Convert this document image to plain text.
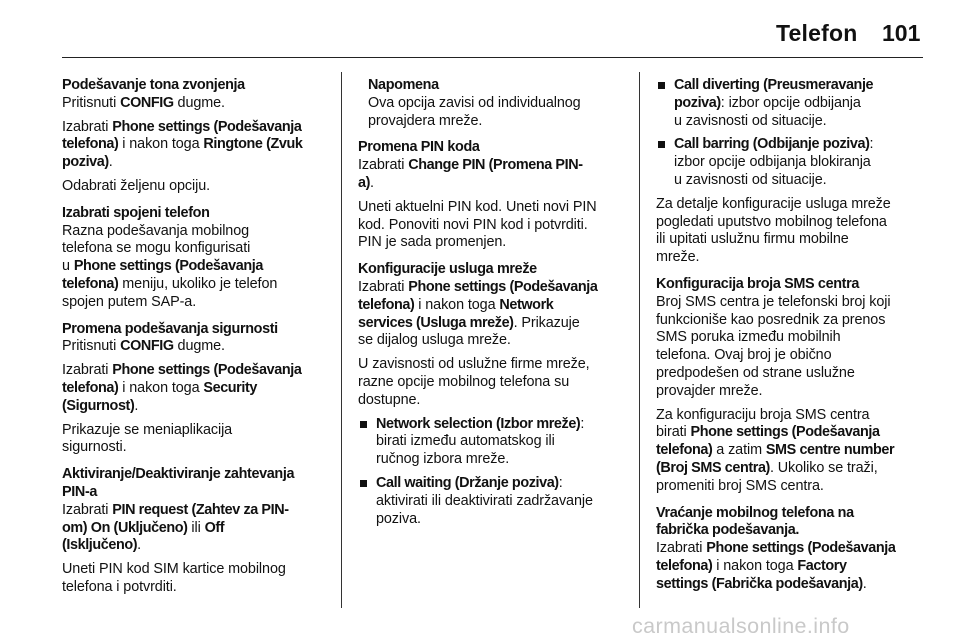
Telefon 101
Podešavanje tona zvonjenja
Pritisnuti CONFIG dugme.
Izabrati Phone settings (Podešavanja
telefona) i nakon toga Ringtone (Zvuk
poziva).
Odabrati željenu opciju.
Izabrati spojeni telefon
Razna podešavanja mobilnog
telefona se mogu konfigurisati
u Phone settings (Podešavanja
telefona) meniju, ukoliko je telefon
spojen putem SAP-a.
Promena podešavanja sigurnosti
Pritisnuti CONFIG dugme.
Izabrati Phone settings (Podešavanja
telefona) i nakon toga Security
(Sigurnost).
Prikazuje se meniaplikacija
sigurnosti.
Aktiviranje/Deaktiviranje zahtevanja
PIN-a
Izabrati PIN request (Zahtev za PIN-
om) On (Uključeno) ili Off
(Isključeno).
Uneti PIN kod SIM kartice mobilnog
telefona i potvrditi.
Napomena
Ova opcija zavisi od individualnog
provajdera mreže.
Promena PIN koda
Izabrati Change PIN (Promena PIN-
a).
Uneti aktuelni PIN kod. Uneti novi PIN
kod. Ponoviti novi PIN kod i potvrditi.
PIN je sada promenjen.
Konfiguracije usluga mreže
Izabrati Phone settings (Podešavanja
telefona) i nakon toga Network
services (Usluga mreže). Prikazuje
se dijalog usluga mreže.
U zavisnosti od uslužne firme mreže,
razne opcije mobilnog telefona su
dostupne.
Network selection (Izbor mreže):
birati između automatskog ili
ručnog izbora mreže.
Call waiting (Držanje poziva):
aktivirati ili deaktivirati zadržavanje
poziva.
Call diverting (Preusmeravanje
poziva): izbor opcije odbijanja
u zavisnosti od situacije.
Call barring (Odbijanje poziva):
izbor opcije odbijanja blokiranja
u zavisnosti od situacije.
Za detalje konfiguracije usluga mreže
pogledati uputstvo mobilnog telefona
ili upitati uslužnu firmu mobilne
mreže.
Konfiguracija broja SMS centra
Broj SMS centra je telefonski broj koji
funkcioniše kao posrednik za prenos
SMS poruka između mobilnih
telefona. Ovaj broj je obično
predpodešen od strane uslužne
provajder mreže.
Za konfiguraciju broja SMS centra
birati Phone settings (Podešavanja
telefona) a zatim SMS centre number
(Broj SMS centra). Ukoliko se traži,
promeniti broj SMS centra.
Vraćanje mobilnog telefona na
fabrička podešavanja.
Izabrati Phone settings (Podešavanja
telefona) i nakon toga Factory
settings (Fabrička podešavanja).
carmanualsonline.info
